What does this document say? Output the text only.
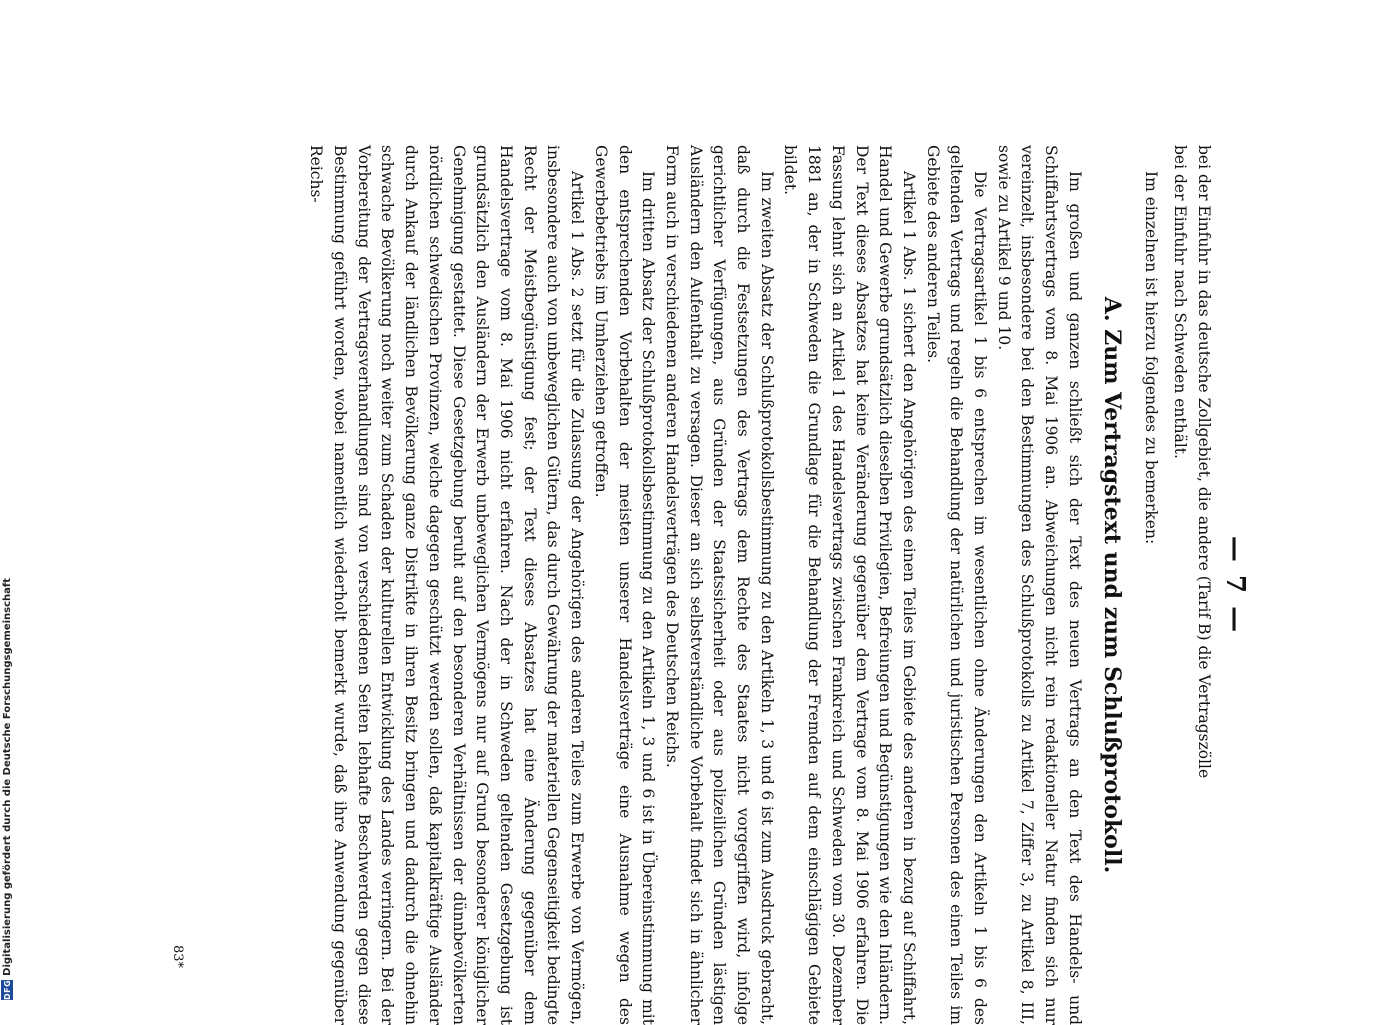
— 7 —

bei der Einfuhr in das deutsche Zollgebiet, die andere (Tarif B) die Vertragszölle

bei der Einfuhr nach Schweden enthält.

Im einzelnen ist hierzu folgendes zu bemerken:

A. Zum Vertragstext und zum Schlußprotokoll.

Im großen und ganzen schließt sich der Text des neuen Vertrags an den Text des Handels- und Schiffahrtsvertrags vom 8. Mai 1906 an. Abweichungen nicht rein redaktioneller Natur finden sich nur vereinzelt, insbesondere bei den Bestimmungen des Schlußprotokolls zu Artikel 7, Ziffer 3, zu Artikel 8, III, sowie zu Artikel 9 und 10.

Die Vertragsartikel 1 bis 6 entsprechen im wesentlichen ohne Änderungen den Artikeln 1 bis 6 des geltenden Vertrags und regeln die Behandlung der natürlichen und juristischen Personen des einen Teiles im Gebiete des anderen Teiles.

Artikel 1 Abs. 1 sichert den Angehörigen des einen Teiles im Gebiete des anderen in bezug auf Schiffahrt, Handel und Gewerbe grundsätzlich dieselben Privilegien, Befreiungen und Begünstigungen wie den Inländern. Der Text dieses Absatzes hat keine Veränderung gegenüber dem Vertrage vom 8. Mai 1906 erfahren. Die Fassung lehnt sich an Artikel 1 des Handelsvertrags zwischen Frankreich und Schweden vom 30. Dezember 1881 an, der in Schweden die Grundlage für die Behandlung der Fremden auf dem einschlägigen Gebiete bildet.

Im zweiten Absatz der Schlußprotokollsbestimmung zu den Artikeln 1, 3 und 6 ist zum Ausdruck gebracht, daß durch die Festsetzungen des Vertrags dem Rechte des Staates nicht vorgegriffen wird, infolge gerichtlicher Verfügungen, aus Gründen der Staatssicherheit oder aus polizeilichen Gründen lästigen Ausländern den Aufenthalt zu versagen. Dieser an sich selbstverständliche Vorbehalt findet sich in ähnlicher Form auch in verschiedenen anderen Handelsverträgen des Deutschen Reichs.

Im dritten Absatz der Schlußprotokollsbestimmung zu den Artikeln 1, 3 und 6 ist in Übereinstimmung mit den entsprechenden Vorbehalten der meisten unserer Handelsverträge eine Ausnahme wegen des Gewerbebetriebs im Umherziehen getroffen.

Artikel 1 Abs. 2 setzt für die Zulassung der Angehörigen des anderen Teiles zum Erwerbe von Vermögen, insbesondere auch von unbeweglichen Gütern, das durch Gewährung der materiellen Gegenseitigkeit bedingte Recht der Meistbegünstigung fest; der Text dieses Absatzes hat eine Änderung gegenüber dem Handelsvertrage vom 8. Mai 1906 nicht erfahren. Nach der in Schweden geltenden Gesetzgebung ist grundsätzlich den Ausländern der Erwerb unbeweglichen Vermögens nur auf Grund besonderer königlicher Genehmigung gestattet. Diese Gesetzgebung beruht auf den besonderen Verhältnissen der dünnbevölkerten nördlichen schwedischen Provinzen, welche dagegen geschützt werden sollen, daß kapitalkräftige Ausländer durch Ankauf der ländlichen Bevölkerung ganze Distrikte in ihren Besitz bringen und dadurch die ohnehin schwache Bevölkerung noch weiter zum Schaden der kulturellen Entwicklung des Landes verringern. Bei der Vorbereitung der Vertragsverhandlungen sind von verschiedenen Seiten lebhafte Beschwerden gegen diese Bestimmung geführt worden, wobei namentlich wiederholt bemerkt wurde, daß ihre Anwendung gegenüber Reichs-

83*
DFG
Digitalisierung gefördert durch die Deutsche Forschungsgemeinschaft
